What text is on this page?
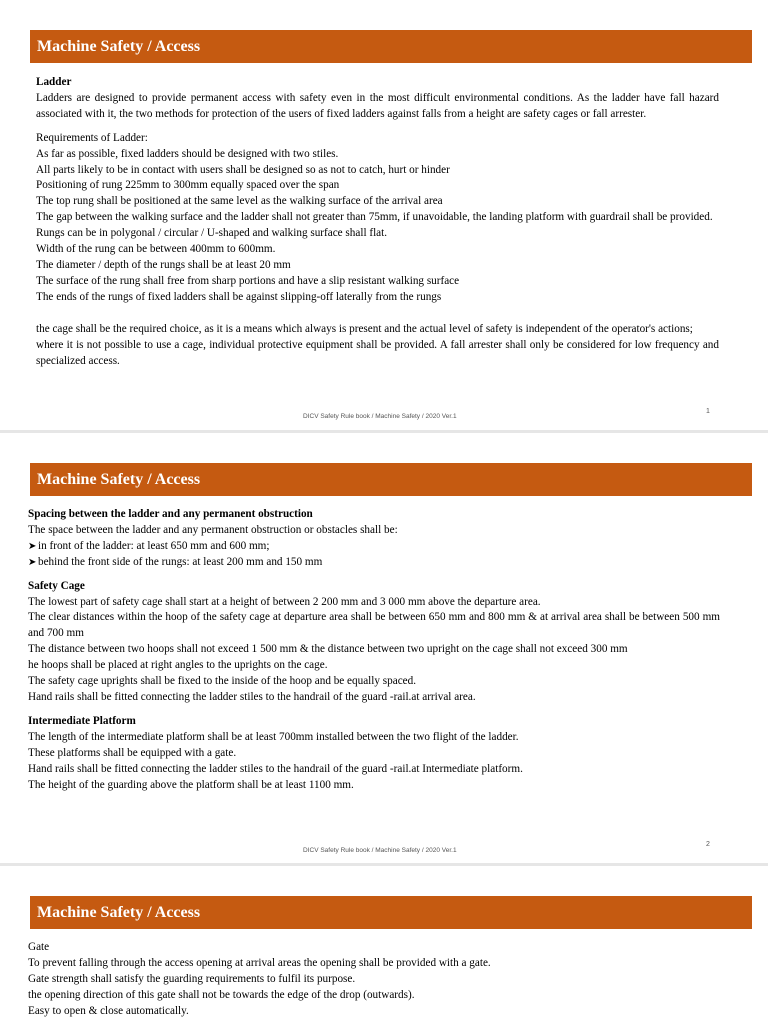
Machine Safety / Access

Ladder

Ladders are designed to provide permanent access with safety even in the most difficult environmental conditions. As the ladder have fall hazard associated with it, the two methods for protection of the users of fixed ladders against falls from a height are safety cages or fall arrester.

Requirements of Ladder:

As far as possible, fixed ladders should be designed with two stiles.

All parts likely to be in contact with users shall be designed so as not to catch, hurt or hinder

Positioning of rung 225mm to 300mm equally spaced over the span

The top rung shall be positioned at the same level as the walking surface of the arrival area

The gap between the walking surface and the ladder shall not greater than 75mm, if unavoidable, the landing platform with guardrail shall be provided.

Rungs can be in polygonal / circular / U-shaped and walking surface shall flat.

Width of the rung can be between 400mm to 600mm.

The diameter / depth of the rungs shall be at least 20 mm

The surface of the rung shall free from sharp portions and have a slip resistant walking surface

The ends of the rungs of fixed ladders shall be against slipping-off laterally from the rungs

the cage shall be the required choice, as it is a means which always is present and the actual level of safety is independent of the operator's actions;

where it is not possible to use a cage, individual protective equipment shall be provided. A fall arrester shall only be considered for low frequency and specialized access.

DICV Safety Rule book / Machine Safety / 2020 Ver.1
1
Machine Safety / Access

Spacing between the ladder and any permanent obstruction

The space between the ladder and any permanent obstruction or obstacles shall be:

➤ in front of the ladder: at least 650 mm and 600 mm;

➤ behind the front side of the rungs: at least 200 mm and 150 mm

Safety Cage

The lowest part of safety cage shall start at a height of between 2 200 mm and 3 000 mm above the departure area.

The clear distances within the hoop of the safety cage at departure area shall be between 650 mm and 800 mm & at arrival area shall be between 500 mm and 700 mm

The distance between two hoops shall not exceed 1 500 mm & the distance between two upright on the cage shall not exceed 300 mm

he hoops shall be placed at right angles to the uprights on the cage.

The safety cage uprights shall be fixed to the inside of the hoop and be equally spaced.

Hand rails shall be fitted connecting the ladder stiles to the handrail of the guard -rail.at arrival area.

Intermediate Platform

The length of the intermediate platform shall be at least 700mm installed between the two flight of the ladder.

These platforms shall be equipped with a gate.

Hand rails shall be fitted connecting the ladder stiles to the handrail of the guard -rail.at Intermediate platform.

The height of the guarding above the platform shall be at least 1100 mm.

DICV Safety Rule book / Machine Safety / 2020 Ver.1
2
Machine Safety / Access

Gate

To prevent falling through the access opening at arrival areas the opening shall be provided with a gate.

Gate strength shall satisfy the guarding requirements to fulfil its purpose.

the opening direction of this gate shall not be towards the edge of the drop (outwards).

Easy to open & close automatically.
